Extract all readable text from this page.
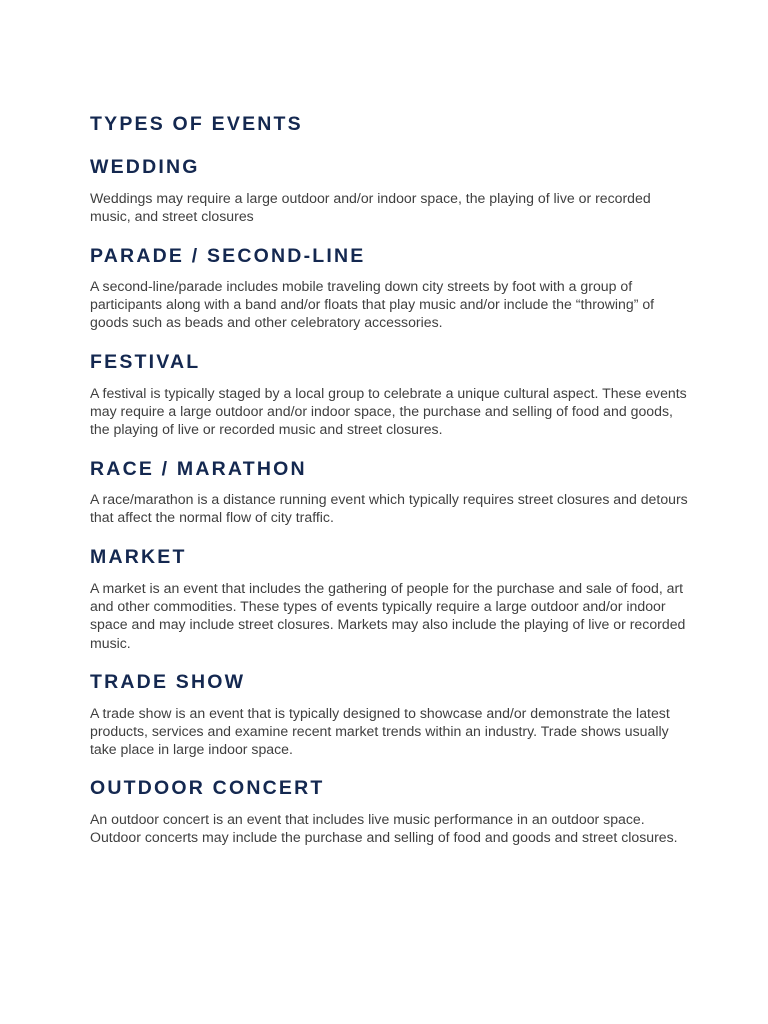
TYPES OF EVENTS
WEDDING

Weddings may require a large outdoor and/or indoor space, the playing of live or recorded music, and street closures

PARADE / SECOND-LINE

A second-line/parade includes mobile traveling down city streets by foot with a group of participants along with a band and/or floats that play music and/or include the “throwing” of goods such as beads and other celebratory accessories.

FESTIVAL

A festival is typically staged by a local group to celebrate a unique cultural aspect. These events may require a large outdoor and/or indoor space, the purchase and selling of food and goods, the playing of live or recorded music and street closures.

RACE / MARATHON

A race/marathon is a distance running event which typically requires street closures and detours that affect the normal flow of city traffic.

MARKET

A market is an event that includes the gathering of people for the purchase and sale of food, art and other commodities. These types of events typically require a large outdoor and/or indoor space and may include street closures. Markets may also include the playing of live or recorded music.

TRADE SHOW

A trade show is an event that is typically designed to showcase and/or demonstrate the latest products, services and examine recent market trends within an industry. Trade shows usually take place in large indoor space.

OUTDOOR CONCERT

An outdoor concert is an event that includes live music performance in an outdoor space. Outdoor concerts may include the purchase and selling of food and goods and street closures.
